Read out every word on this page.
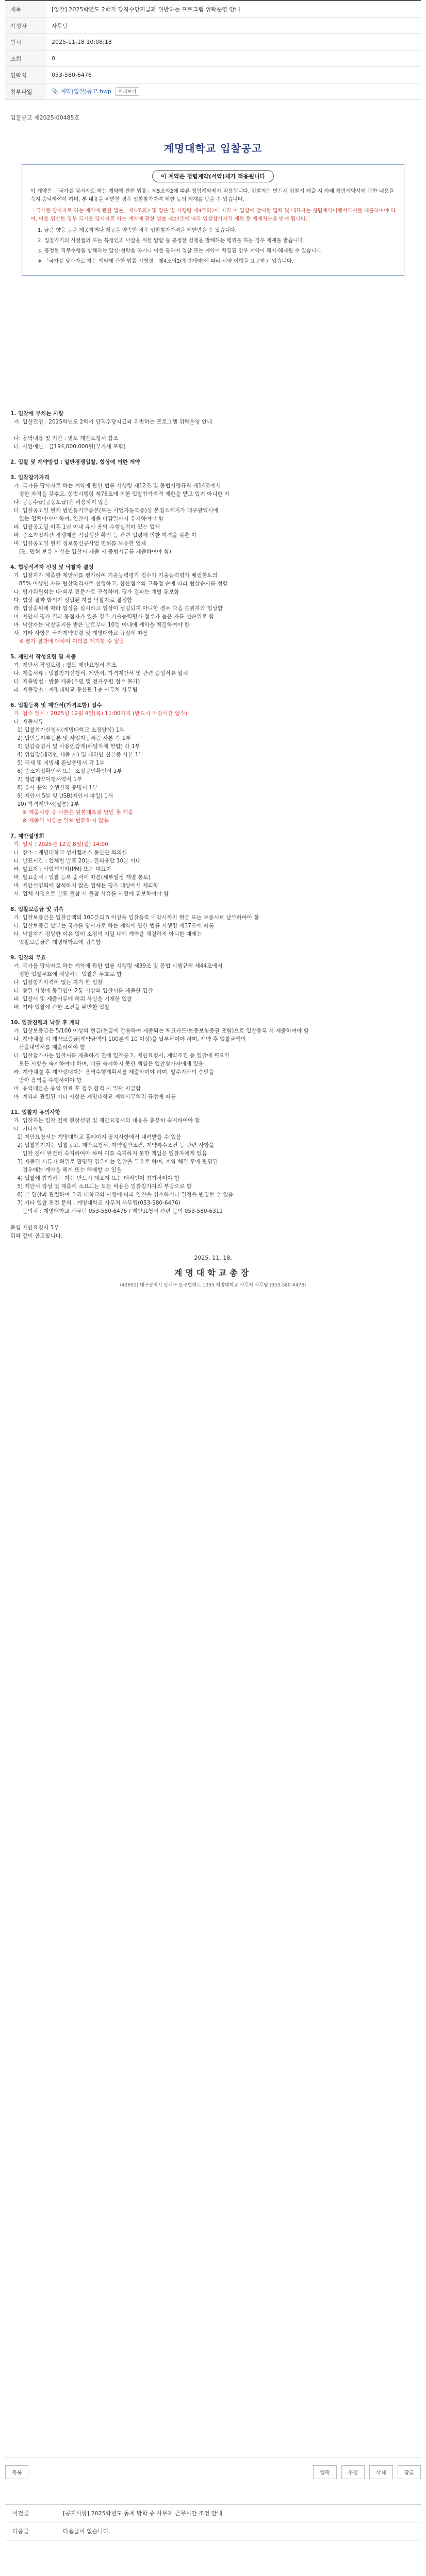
제목	[입찰] 2025학년도 2학기 당직수당지급과 위반하는 프로그램 위탁운영 안내
작성자	사무팀
일시	2025-11-18 10:08:18
조회	0
연락처	053-580-6476
첨부파일	📎 계약(입찰)공고.hwp 미리보기
입찰공고 제2025-00485호
계명대학교 입찰공고
이 계약은 청렴계약(서약)제가 적용됩니다

이 계약은 「국가를 당사자로 하는 계약에 관한 법률」제5조의2에 따른 청렴계약제가 적용됩니다. 입찰자는 반드시 입찰서 제출 시 아래 청렴계약서에 관한 내용을 숙지·승낙하여야 하며, 본 내용을 위반한 경우 입찰참가자격 제한 등의 제재를 받을 수 있습니다.

「국가를 당사자로 하는 계약에 관한 법률」제5조의2 및 같은 법 시행령 제4조의2에 따라 이 입찰에 참여한 업체 및 대표자는 청렴계약이행서약서를 제출하여야 하며, 이를 위반한 경우 국가를 당사자로 하는 계약에 관한 법률 제27조에 따라 입찰참가자격 제한 등 제재처분을 받게 됩니다.

1. 금품·향응 등을 제공하거나 제공을 약속한 경우 입찰참가자격을 제한받을 수 있습니다.

2. 입찰가격의 사전협의 또는 특정인의 낙찰을 위한 담합 등 공정한 경쟁을 방해하는 행위를 하는 경우 제재를 받습니다.

3. 공정한 직무수행을 방해하는 알선·청탁을 하거나 이를 통하여 입찰 또는 계약이 체결된 경우 계약이 해지·해제될 수 있습니다.

※ 「국가를 당사자로 하는 계약에 관한 법률 시행령」제4조의2(청렴계약)에 따라 서약 이행을 요구하고 있습니다.

1. 입찰에 부치는 사항

가. 입찰건명 : 2025학년도 2학기 당직수당지급과 위반하는 프로그램 위탁운영 안내

나. 용역내용 및 기간 : 별도 제안요청서 참조

다. 사업예산 : 금194,000,000원(부가세 포함)

2. 입찰 및 계약방법 : 일반경쟁입찰, 협상에 의한 계약

3. 입찰참가자격

가. 국가를 당사자로 하는 계약에 관한 법률 시행령 제12조 및 동법시행규칙 제14조에서

정한 자격을 갖추고, 동법시행령 제76조에 의한 입찰참가자격 제한을 받고 있지 아니한 자

나. 공동수급(공동도급)은 허용하지 않음

다. 입찰공고일 현재 법인등기부등본(또는 사업자등록증)상 본점소재지가 대구광역시에

있는 업체이어야 하며, 입찰서 제출 마감일까지 유지하여야 함

라. 입찰공고일 이후 1년 이내 유사 용역 수행실적이 있는 업체

마. 중소기업자간 경쟁제품 직접생산 확인 등 관련 법령에 의한 자격을 갖춘 자

바. 입찰공고일 현재 정보통신공사업 면허를 보유한 업체

(단, 면허 보유 사실은 입찰서 제출 시 증빙서류를 제출하여야 함)

4. 협상적격자 선정 및 낙찰자 결정

가. 입찰자가 제출한 제안서를 평가하여 기술능력평가 점수가 기술능력평가 배점한도의

85% 이상인 자를 협상적격자로 선정하고, 합산점수의 고득점 순에 따라 협상순서를 정함

나. 평가위원회는 내·외부 전문가로 구성하며, 평가 결과는 개별 통보함

다. 협상 결과 합의가 성립된 자를 낙찰자로 결정함

라. 협상순위에 따라 협상을 실시하고 협상이 성립되지 아니한 경우 다음 순위자와 협상함

마. 제안서 평가 결과 동점자가 있을 경우 기술능력평가 점수가 높은 자를 선순위로 함

바. 낙찰자는 낙찰통지를 받은 날로부터 10일 이내에 계약을 체결하여야 함

사. 기타 사항은 국가계약법령 및 계명대학교 규정에 따름

※ 평가 결과에 대하여 이의를 제기할 수 없음

5. 제안서 작성요령 및 제출

가. 제안서 작성요령 : 별도 제안요청서 참조

나. 제출서류 : 입찰참가신청서, 제안서, 가격제안서 및 관련 증빙서류 일체

다. 제출방법 : 방문 제출(우편 및 전자우편 접수 불가)

라. 제출장소 : 계명대학교 동산관 1층 사무처 사무팀

6. 입찰등록 및 제안서(가격포함) 접수

가. 접수 일시 : 2025년 12월 4일(목) 11:00까지 (반드시 마감시간 엄수)

나. 제출서류

1) 입찰참가신청서(계명대학교 소정양식) 1부

2) 법인등기부등본 및 사업자등록증 사본 각 1부

3) 인감증명서 및 사용인감계(해당자에 한함) 각 1부

4) 위임장(대리인 제출 시) 및 대리인 신분증 사본 1부

5) 국세 및 지방세 완납증명서 각 1부

6) 중소기업확인서 또는 소상공인확인서 1부

7) 청렴계약이행서약서 1부

8) 유사 용역 수행실적 증명서 1부

9) 제안서 5부 및 USB(제안서 파일) 1개

10) 가격제안서(밀봉) 1부

※ 제출서류 중 사본은 원본대조필 날인 후 제출

※ 제출된 서류는 일체 반환하지 않음

7. 제안설명회

가. 일시 : 2025년 12월 8일(월) 14:00

나. 장소 : 계명대학교 성서캠퍼스 동산관 회의실

다. 발표시간 : 업체별 발표 20분, 질의응답 10분 이내

라. 발표자 : 사업책임자(PM) 또는 대표자

마. 발표순서 : 입찰 등록 순서에 따름(세부일정 개별 통보)

바. 제안설명회에 참석하지 않은 업체는 평가 대상에서 제외함

사. 업체 사정으로 발표 불참 시 불참 사유를 사전에 통보하여야 함

8. 입찰보증금 및 귀속

가. 입찰보증금은 입찰금액의 100분의 5 이상을 입찰등록 마감시까지 현금 또는 보증서로 납부하여야 함

나. 입찰보증금 납부는 국가를 당사자로 하는 계약에 관한 법률 시행령 제37조에 따름

다. 낙찰자가 정당한 이유 없이 소정의 기일 내에 계약을 체결하지 아니한 때에는

입찰보증금은 계명대학교에 귀속함

9. 입찰의 무효

가. 국가를 당사자로 하는 계약에 관한 법률 시행령 제39조 및 동법 시행규칙 제44조에서

정한 입찰무효에 해당하는 입찰은 무효로 함

나. 입찰참가자격이 없는 자가 한 입찰

다. 동일 사항에 동일인이 2통 이상의 입찰서를 제출한 입찰

라. 입찰서 및 제출서류에 허위 사실을 기재한 입찰

마. 기타 입찰에 관한 조건을 위반한 입찰

10. 입찰진행과 낙찰 후 계약

가. 입찰보증금은 5/100 이상의 현금(현금에 갈음하여 제출되는 체크카드·보증보험증권 포함)으로 입찰등록 시 제출하여야 함

나. 계약체결 시 계약보증금(계약금액의 100분의 10 이상)을 납부하여야 하며, 계약 후 입찰금액의

산출내역서를 제출하여야 함

다. 입찰참가자는 입찰서를 제출하기 전에 입찰공고, 제안요청서, 계약조건 등 입찰에 필요한

모든 사항을 숙지하여야 하며, 이를 숙지하지 못한 책임은 입찰참가자에게 있음

라. 계약체결 후 계약상대자는 용역수행계획서를 제출하여야 하며, 발주기관의 승인을

받아 용역을 수행하여야 함

마. 용역대금은 용역 완료 후 검수 합격 시 일괄 지급함

바. 계약과 관련된 기타 사항은 계명대학교 계약사무처리 규정에 따름

11. 입찰자 유의사항

가. 입찰자는 입찰 전에 현장설명 및 제안요청서의 내용을 충분히 숙지하여야 함

나. 기타사항

1) 제안요청서는 계명대학교 홈페이지 공지사항에서 내려받을 수 있음

2) 입찰참가자는 입찰공고, 제안요청서, 계약일반조건, 계약특수조건 등 관련 사항을

입찰 전에 완전히 숙지하여야 하며 이를 숙지하지 못한 책임은 입찰자에게 있음

3) 제출된 서류가 허위로 판명된 경우에는 입찰을 무효로 하며, 계약 체결 후에 판명된

경우에는 계약을 해지 또는 해제할 수 있음

4) 입찰에 참가하는 자는 반드시 대표자 또는 대리인이 참가하여야 함

5) 제안서 작성 및 제출에 소요되는 모든 비용은 입찰참가자의 부담으로 함

6) 본 입찰과 관련하여 우리 대학교의 사정에 따라 입찰을 취소하거나 일정을 변경할 수 있음

7) 기타 입찰 관련 문의 : 계명대학교 사무처 사무팀(053-580-6476)

문의처 : 계명대학교 사무팀 053-580-6476 / 제안요청서 관련 문의 053-580-6311

붙임 제안요청서 1부

위와 같이 공고합니다.

2025. 11. 18.
계명대학교총장
(42601) 대구광역시 달서구 달구벌대로 1095 계명대학교 사무처 사무팀 (053-580-6476)
목록	입력	수정	삭제	답글
이전글	[공지사항] 2025학년도 동계 방학 중 사무처 근무시간 조정 안내
다음글	다음글이 없습니다.
